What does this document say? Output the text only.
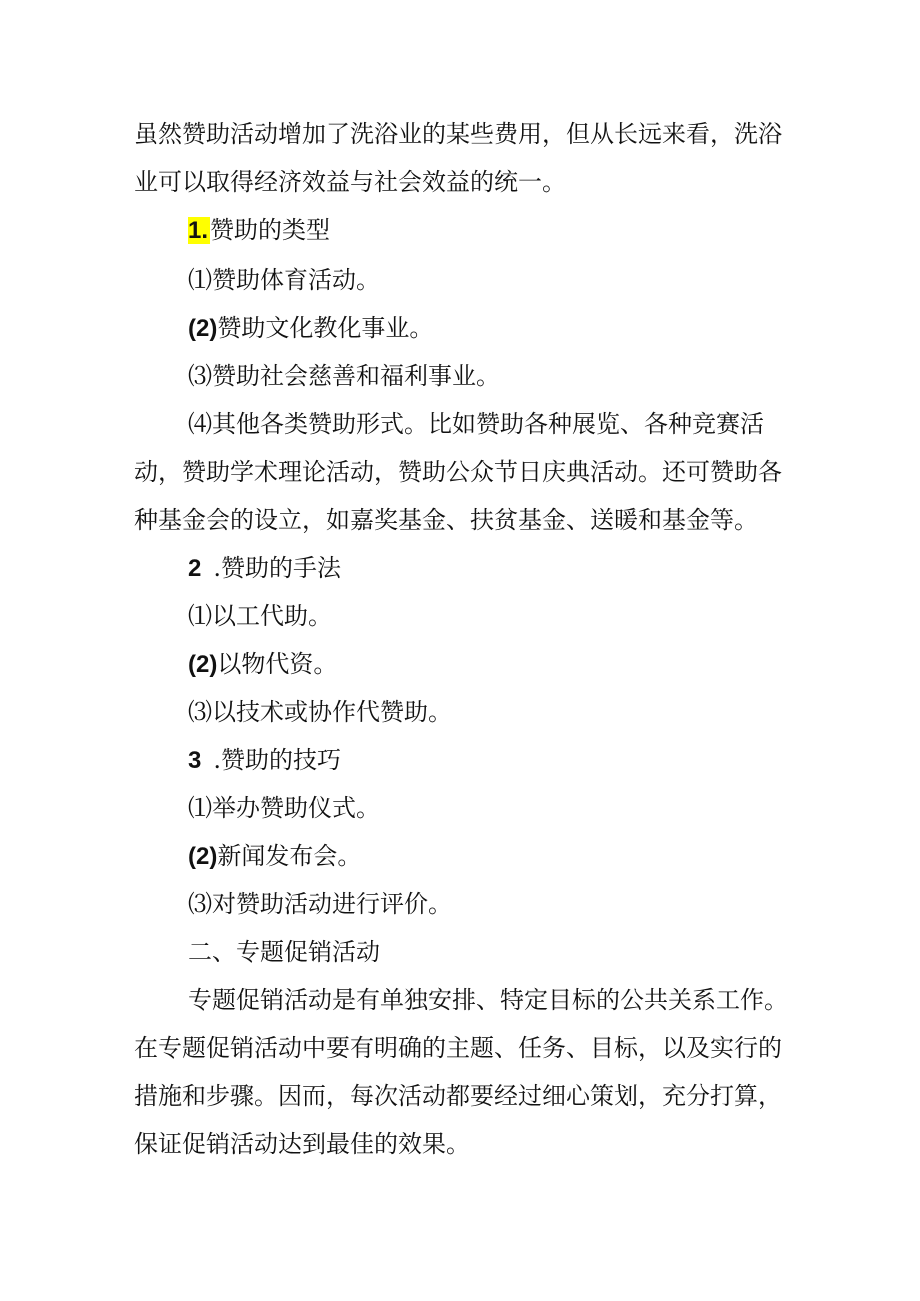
虽然赞助活动增加了洗浴业的某些费用，但从长远来看，洗浴
业可以取得经济效益与社会效益的统一。
1.赞助的类型
⑴赞助体育活动。
(2)赞助文化教化事业。
⑶赞助社会慈善和福利事业。
⑷其他各类赞助形式。比如赞助各种展览、各种竞赛活
动，赞助学术理论活动，赞助公众节日庆典活动。还可赞助各
种基金会的设立，如嘉奖基金、扶贫基金、送暖和基金等。
2 .赞助的手法
⑴以工代助。
(2)以物代资。
⑶以技术或协作代赞助。
3 .赞助的技巧
⑴举办赞助仪式。
(2)新闻发布会。
⑶对赞助活动进行评价。
二、专题促销活动
专题促销活动是有单独安排、特定目标的公共关系工作。
在专题促销活动中要有明确的主题、任务、目标，以及实行的
措施和步骤。因而，每次活动都要经过细心策划，充分打算，
保证促销活动达到最佳的效果。
